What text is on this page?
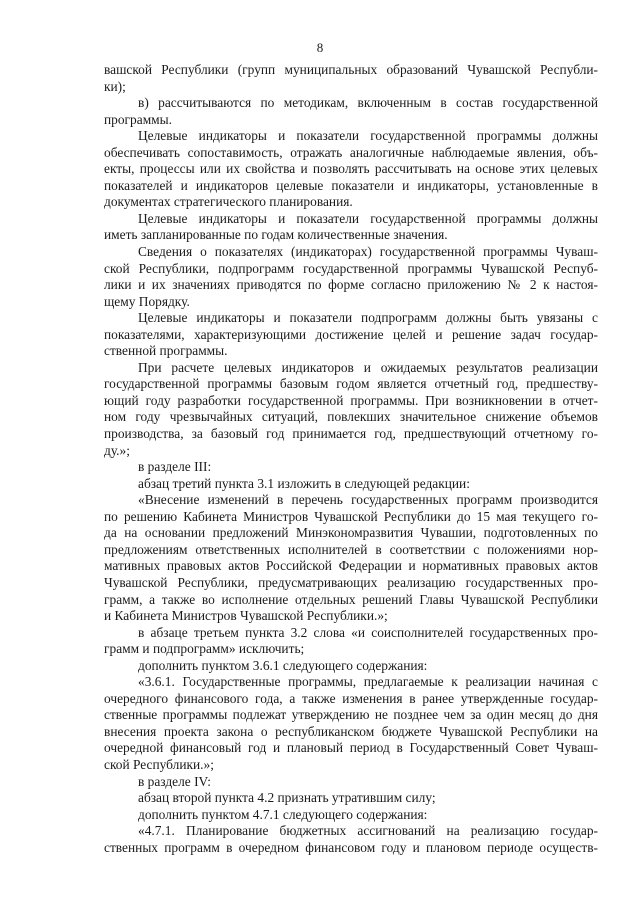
8
вашской Республики (групп муниципальных образований Чувашской Республи-
ки);
в) рассчитываются по методикам, включенным в состав государственной
программы.
Целевые индикаторы и показатели государственной программы должны
обеспечивать сопоставимость, отражать аналогичные наблюдаемые явления, объ-
екты, процессы или их свойства и позволять рассчитывать на основе этих целевых
показателей и индикаторов целевые показатели и индикаторы, установленные в
документах стратегического планирования.
Целевые индикаторы и показатели государственной программы должны
иметь запланированные по годам количественные значения.
Сведения о показателях (индикаторах) государственной программы Чуваш-
ской Республики, подпрограмм государственной программы Чувашской Респуб-
лики и их значениях приводятся по форме согласно приложению № 2 к настоя-
щему Порядку.
Целевые индикаторы и показатели подпрограмм должны быть увязаны с
показателями, характеризующими достижение целей и решение задач государ-
ственной программы.
При расчете целевых индикаторов и ожидаемых результатов реализации
государственной программы базовым годом является отчетный год, предшеству-
ющий году разработки государственной программы. При возникновении в отчет-
ном году чрезвычайных ситуаций, повлекших значительное снижение объемов
производства, за базовый год принимается год, предшествующий отчетному го-
ду.»;
в разделе III:
абзац третий пункта 3.1 изложить в следующей редакции:
«Внесение изменений в перечень государственных программ производится
по решению Кабинета Министров Чувашской Республики до 15 мая текущего го-
да на основании предложений Минэкономразвития Чувашии, подготовленных по
предложениям ответственных исполнителей в соответствии с положениями нор-
мативных правовых актов Российской Федерации и нормативных правовых актов
Чувашской Республики, предусматривающих реализацию государственных про-
грамм, а также во исполнение отдельных решений Главы Чувашской Республики
и Кабинета Министров Чувашской Республики.»;
в абзаце третьем пункта 3.2 слова «и соисполнителей государственных про-
грамм и подпрограмм» исключить;
дополнить пунктом 3.6.1 следующего содержания:
«3.6.1. Государственные программы, предлагаемые к реализации начиная с
очередного финансового года, а также изменения в ранее утвержденные государ-
ственные программы подлежат утверждению не позднее чем за один месяц до дня
внесения проекта закона о республиканском бюджете Чувашской Республики на
очередной финансовый год и плановый период в Государственный Совет Чуваш-
ской Республики.»;
в разделе IV:
абзац второй пункта 4.2 признать утратившим силу;
дополнить пунктом 4.7.1 следующего содержания:
«4.7.1. Планирование бюджетных ассигнований на реализацию государ-
ственных программ в очередном финансовом году и плановом периоде осуществ-
